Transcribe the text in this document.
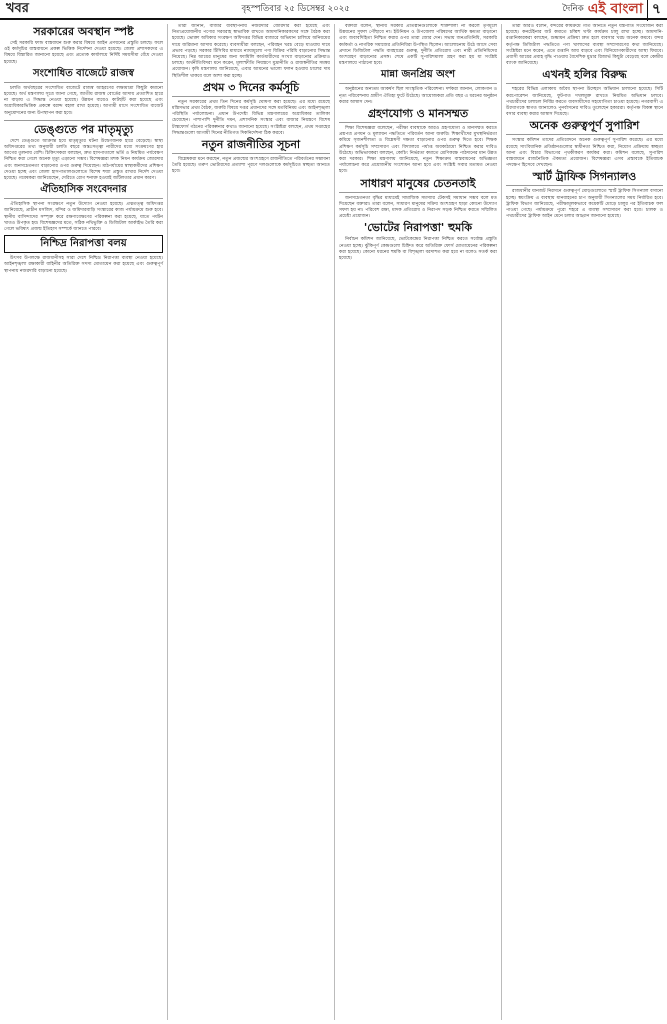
খবর	বৃহস্পতিবার ২৫ ডিসেম্বর ২০২৫	দৈনিক এই বাংলা ৭
সরকারের অবস্থান স্পষ্ট

সেই সরকারি ফান্ড বাস্তবায়ন শুরু করার বিষয়ে আইন প্রণয়নের প্রস্তুতি চলছে। ফলে ওই কর্মসূচির বাস্তবায়নে প্রকল্প ভিত্তিক নির্দেশনা দেওয়া হয়েছে। জেলা প্রশাসকদের এ বিষয়ে বিস্তারিত জানানো হয়েছে এবং প্রত্যেক কার্যালয়ে নির্দিষ্ট সময়সীমা বেঁধে দেওয়া হয়েছে।

সংশোধিত বাজেটে রাজস্ব

চলতি অর্থবছরের সংশোধিত বাজেটে রাজস্ব আহরণের লক্ষ্যমাত্রা কিছুটা কমানো হয়েছে। অর্থ মন্ত্রণালয় সূত্রে জানা গেছে, জাতীয় রাজস্ব বোর্ডের আদায় প্রত্যাশিত হারে না বাড়ায় এ সিদ্ধান্ত নেওয়া হয়েছে। উন্নয়ন ব্যয়েও কাটছাঁট করা হয়েছে এবং অগ্রাধিকারভিত্তিক প্রকল্পে বরাদ্দ বহাল রাখা হয়েছে। আগামী মাসে সংশোধিত বাজেট অনুমোদনের জন্য উপস্থাপন করা হবে।

ডেঙ্গুতে পর মাতৃমৃত্যু

দেশে ডেঙ্গুতে আক্রান্ত হয়ে মাতৃমৃত্যুর ঘটনা উদ্বেগজনক হারে বেড়েছে। স্বাস্থ্য অধিদপ্তরের তথ্য অনুযায়ী চলতি বছরে অন্তঃসত্ত্বা নারীদের মধ্যে সংক্রমণের হার আগের তুলনায় বেশি। চিকিৎসকরা বলছেন, দ্রুত হাসপাতালে ভর্তি ও নিয়মিত পর্যবেক্ষণ নিশ্চিত করা গেলে অনেক মৃত্যু এড়ানো সম্ভব। বিশেষজ্ঞরা মশক নিধন কার্যক্রম জোরদার এবং জনসচেতনতা বাড়ানোর ওপর গুরুত্ব দিয়েছেন। মাঠপর্যায়ের স্বাস্থ্যকর্মীদের প্রশিক্ষণ দেওয়া হচ্ছে এবং জেলা হাসপাতালগুলোতে বিশেষ শয্যা প্রস্তুত রাখার নির্দেশ দেওয়া হয়েছে। গবেষকরা জানিয়েছেন, দেরিতে রোগ শনাক্ত হওয়াই জটিলতার প্রধান কারণ।

ঐতিহাসিক সংবেদনার

ঐতিহাসিক স্থাপনা সংরক্ষণে নতুন উদ্যোগ নেওয়া হয়েছে। প্রত্নতত্ত্ব অধিদপ্তর জানিয়েছে, প্রাচীন মসজিদ, মন্দির ও জমিদারবাড়ি সংস্কারের কাজ পর্যায়ক্রমে শুরু হবে। স্থানীয় বাসিন্দাদের সম্পৃক্ত করে রক্ষণাবেক্ষণের পরিকল্পনা করা হয়েছে, যাতে পর্যটন খাতও উপকৃত হয়। বিশেষজ্ঞদের মতে, সঠিক নথিভুক্তি ও ডিজিটাল আর্কাইভ তৈরি করা গেলে ভবিষ্যৎ প্রজন্ম ইতিহাস সম্পর্কে জানতে পারবে।

নিশ্চিদ্র নিরাপত্তা বলয়

উৎসব উপলক্ষে রাজধানীসহ সারা দেশে নিশ্চিদ্র নিরাপত্তা ব্যবস্থা নেওয়া হয়েছে। আইনশৃঙ্খলা রক্ষাকারী বাহিনীর অতিরিক্ত সদস্য মোতায়েন করা হয়েছে এবং গুরুত্বপূর্ণ স্থাপনায় নজরদারি বাড়ানো হয়েছে।

তারা জানান, বাজার ব্যবস্থাপনায় নজরদারি জোরদার করা হয়েছে এবং নিত্যপ্রয়োজনীয় পণ্যের সরবরাহ স্বাভাবিক রাখতে আমদানিকারকদের সঙ্গে বৈঠক করা হয়েছে। ভোক্তা অধিকার সংরক্ষণ অধিদপ্তর বিভিন্ন বাজারে অভিযান চালিয়ে অনিয়মের দায়ে জরিমানা আদায় করেছে। ব্যবসায়ীরা বলছেন, পরিবহন খরচ বেড়ে যাওয়ায় দামে প্রভাব পড়ছে। সরকার টিসিবির মাধ্যমে ন্যায্যমূল্যে পণ্য বিক্রির পরিধি বাড়ানোর সিদ্ধান্ত নিয়েছে। নিম্ন আয়ের মানুষের জন্য ফ্যামিলি কার্ডধারীদের সংখ্যা বাড়ানোর প্রক্রিয়াও চলছে। অর্থনীতিবিদরা মনে করেন, মূল্যস্ফীতি নিয়ন্ত্রণে মুদ্রানীতি ও রাজস্বনীতির সমন্বয় প্রয়োজন। কৃষি মন্ত্রণালয় জানিয়েছে, এবার আমনের ভালো ফলন হওয়ায় চালের দাম স্থিতিশীল থাকবে বলে আশা করা হচ্ছে।

প্রথম ৩ দিনের কর্মসূচি

নতুন সরকারের প্রথম তিন দিনের কর্মসূচি ঘোষণা করা হয়েছে। এর মধ্যে রয়েছে মন্ত্রিসভার প্রথম বৈঠক, জরুরি বিষয়ে দপ্তর প্রধানদের সঙ্গে মতবিনিময় এবং আইনশৃঙ্খলা পরিস্থিতি পর্যালোচনা। প্রধান উপদেষ্টা বিভিন্ন মন্ত্রণালয়ের অগ্রাধিকার তালিকা চেয়েছেন। পাশাপাশি দুর্নীতি দমন, প্রশাসনিক সংস্কার এবং বাজার নিয়ন্ত্রণে বিশেষ টাস্কফোর্স গঠনের পরিকল্পনার কথাও জানানো হয়েছে। সংশ্লিষ্টরা বলছেন, প্রথম সপ্তাহের সিদ্ধান্তগুলো আগামী দিনের নীতিগত দিকনির্দেশনা ঠিক করবে।

নতুন রাজনীতির সূচনা

বিশ্লেষকরা মনে করছেন, নতুন প্রজন্মের অংশগ্রহণে রাজনীতিতে পরিবর্তনের সম্ভাবনা তৈরি হয়েছে। তরুণ ভোটারদের প্রত্যাশা পূরণে দলগুলোকে কর্মসূচিতে স্বচ্ছতা আনতে হবে।

বক্তারা বলেন, স্থানীয় সরকার প্রতিষ্ঠানগুলোকে শক্তিশালী না করলে তৃণমূলে উন্নয়নের সুফল পৌঁছাবে না। ইউনিয়ন ও উপজেলা পরিষদের আর্থিক ক্ষমতা বাড়ানো এবং জবাবদিহিতা নিশ্চিত করার ওপর তারা জোর দেন। সভায় জনপ্রতিনিধি, সরকারি কর্মকর্তা ও নাগরিক সমাজের প্রতিনিধিরা উপস্থিত ছিলেন। আলোচনায় উঠে আসে সেবা প্রদানে ডিজিটাল পদ্ধতি ব্যবহারের গুরুত্ব, দুর্নীতি প্রতিরোধ এবং নারী প্রতিনিধিদের অংশগ্রহণ বাড়ানোর প্রসঙ্গ। শেষে একটি সুপারিশমালা গ্রহণ করা হয় যা সংশ্লিষ্ট মন্ত্রণালয়ে পাঠানো হবে।

মান্না জনপ্রিয় অংশ

অনুষ্ঠানের অন্যতম আকর্ষণ ছিল সাংস্কৃতিক পরিবেশনা। দর্শকরা জানান, লোকগান ও নৃত্য পরিবেশনায় গ্রামীণ ঐতিহ্য ফুটে উঠেছে। আয়োজকরা প্রতি বছর এ ধরনের অনুষ্ঠান করার আশ্বাস দেন।

গ্রহণযোগ্য ও মানসম্মত

শিক্ষা বিশেষজ্ঞরা বলেছেন, পরীক্ষা ব্যবস্থাকে আরও গ্রহণযোগ্য ও মানসম্মত করতে প্রশ্নপত্র প্রণয়ন ও মূল্যায়ন পদ্ধতিতে পরিবর্তন আনা জরুরি। শিক্ষার্থীদের মুখস্থনির্ভরতা কমিয়ে সৃজনশীলতা ও বিশ্লেষণী দক্ষতা বাড়ানোর ওপর গুরুত্ব দিতে হবে। শিক্ষক প্রশিক্ষণ কর্মসূচি সম্প্রসারণ এবং বিদ্যালয়ে পর্যাপ্ত অবকাঠামো নিশ্চিত করার দাবিও উঠেছে। অভিভাবকরা বলছেন, কোচিং নির্ভরতা কমাতে শ্রেণিকক্ষে পাঠদানের মান উন্নত করা দরকার। শিক্ষা মন্ত্রণালয় জানিয়েছে, নতুন শিক্ষাক্রম বাস্তবায়নের অভিজ্ঞতা পর্যালোচনা করে প্রয়োজনীয় সংশোধন আনা হবে এবং সংশ্লিষ্ট সবার মতামত নেওয়া হবে।

সাধারণ মানুষের চেতনতাই

জনসচেতনতা বৃদ্ধির মাধ্যমেই সামাজিক সমস্যার টেকসই সমাধান সম্ভব বলে মত দিয়েছেন বক্তারা। তারা বলেন, সাধারণ মানুষের সক্রিয় অংশগ্রহণ ছাড়া কোনো উদ্যোগ সফল হয় না। পরিবেশ রক্ষা, মাদক প্রতিরোধ ও নিরাপদ সড়ক নিশ্চিত করতে সম্মিলিত প্রচেষ্টা প্রয়োজন।

'ভোটের নিরাপত্তা' হুমকি

নির্বাচন কমিশন জানিয়েছে, ভোটকেন্দ্রের নিরাপত্তা নিশ্চিত করতে সর্বোচ্চ প্রস্তুতি নেওয়া হচ্ছে। ঝুঁকিপূর্ণ কেন্দ্রগুলো চিহ্নিত করে অতিরিক্ত ফোর্স মোতায়েনের পরিকল্পনা করা হয়েছে। কোনো ধরনের হুমকি বা বিশৃঙ্খলা বরদাশত করা হবে না বলেও সতর্ক করা হয়েছে।

তারা আরও বলেন, বন্দরের কার্যক্রমে গতি আনতে নতুন যন্ত্রপাতি সংযোজন করা হয়েছে। কনটেইনার জট কমাতে চব্বিশ ঘণ্টা কার্যক্রম চালু রাখা হচ্ছে। আমদানি-রপ্তানিকারকরা বলছেন, শুল্কায়ন প্রক্রিয়া দ্রুত হলে ব্যবসার খরচ অনেক কমবে। বন্দর কর্তৃপক্ষ ডিজিটাল পদ্ধতিতে পণ্য খালাসের ব্যবস্থা সম্প্রসারণের কথা জানিয়েছে। সংশ্লিষ্টরা মনে করেন, এতে রপ্তানি আয় বাড়বে এবং বিনিয়োগকারীদের আস্থা ফিরবে। প্রবাসী আয়ের প্রবাহ বৃদ্ধি পাওয়ায় বৈদেশিক মুদ্রার রিজার্ভ কিছুটা বেড়েছে বলে কেন্দ্রীয় ব্যাংক জানিয়েছে।

এখনই হলির বিরুদ্ধ

শহরের বিভিন্ন এলাকায় অবৈধ স্থাপনা উচ্ছেদে অভিযান চালানো হয়েছে। সিটি করপোরেশন জানিয়েছে, ফুটপাত দখলমুক্ত রাখতে নিয়মিত অভিযান চলবে। পথচারীদের চলাচল নির্বিঘ্ন করতে ব্যবসায়ীদের সহযোগিতা চাওয়া হয়েছে। নগরবাসী এ উদ্যোগকে স্বাগত জানালেও পুনর্বাসনের দাবিও তুলেছেন হকাররা। কর্তৃপক্ষ বিকল্প স্থানে বসার ব্যবস্থা করার আশ্বাস দিয়েছে।

অনেক গুরুত্বপূর্ণ সুপারিশ

সংস্কার কমিশন তাদের প্রতিবেদনে অনেক গুরুত্বপূর্ণ সুপারিশ করেছে। এর মধ্যে রয়েছে সাংবিধানিক প্রতিষ্ঠানগুলোর স্বাধীনতা নিশ্চিত করা, নিয়োগ প্রক্রিয়ায় স্বচ্ছতা আনা এবং বিচার বিভাগের পৃথকীকরণ কার্যকর করা। কমিশন বলেছে, সুপারিশ বাস্তবায়নে রাজনৈতিক ঐকমত্য প্রয়োজন। বিশেষজ্ঞরা এসব প্রস্তাবকে ইতিবাচক পদক্ষেপ হিসেবে দেখছেন।

স্মার্ট ট্রাফিক সিগন্যালও

রাজধানীর যানজট নিরসনে গুরুত্বপূর্ণ মোড়গুলোতে স্মার্ট ট্রাফিক সিগন্যাল বসানো হচ্ছে। স্বয়ংক্রিয় এ ব্যবস্থায় যানবাহনের চাপ অনুযায়ী সিগন্যালের সময় নির্ধারিত হবে। ট্রাফিক বিভাগ জানিয়েছে, পরীক্ষামূলকভাবে কয়েকটি মোড়ে চালুর পর ইতিবাচক ফল পাওয়া গেছে। পর্যায়ক্রমে পুরো শহরে এ ব্যবস্থা সম্প্রসারণ করা হবে। চালক ও পথচারীদের ট্রাফিক আইন মেনে চলার আহ্বান জানানো হয়েছে।
